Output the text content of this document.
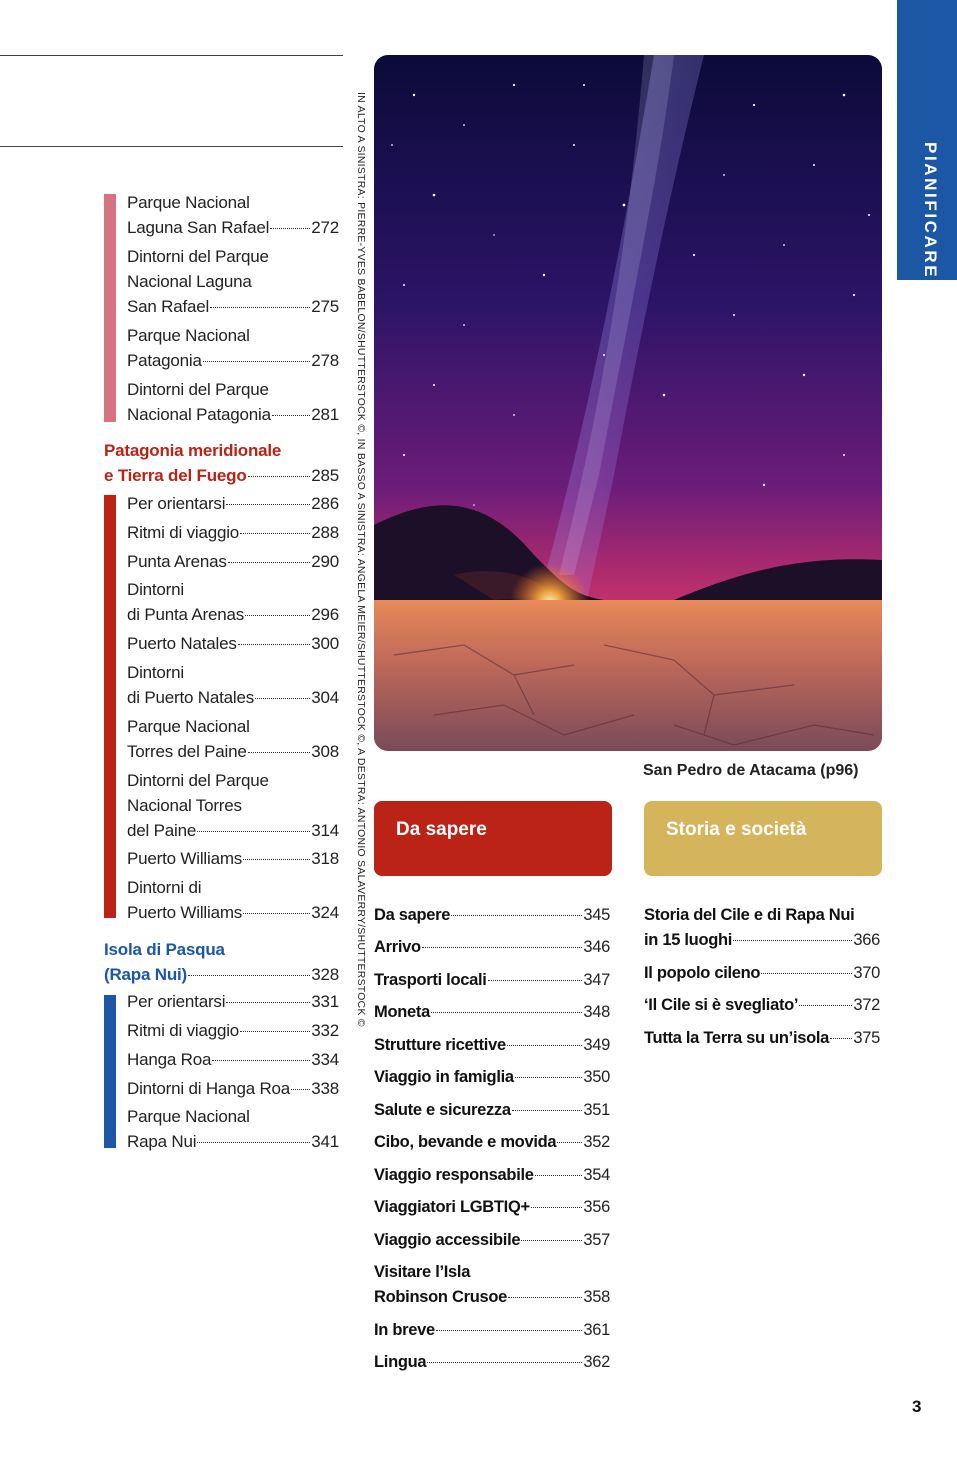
Parque Nacional
Laguna San Rafael 272
Dintorni del Parque
Nacional Laguna
San Rafael	275
Parque Nacional
Patagonia	278
Dintorni del Parque
Nacional Patagonia 281
Patagonia meridionale
e Tierra del Fuego	285
Per orientarsi	286
Ritmi di viaggio	288
Punta Arenas	290
Dintorni
di Punta Arenas	296
Puerto Natales	300
Dintorni
di Puerto Natales	304
Parque Nacional
Torres del Paine	308
Dintorni del Parque
Nacional Torres
del Paine	314
Puerto Williams	318
Dintorni di
Puerto Williams	324
Isola di Pasqua
(Rapa Nui)	328
Per orientarsi	331
Ritmi di viaggio	332
Hanga Roa	334
Dintorni di Hanga Roa 338
Parque Nacional
Rapa Nui	341
IN ALTO A SINISTRA: PIERRE-YVES BABELON/SHUTTERSTOCK ©, IN BASSO A SINISTRA: ANGELA MEIER/SHUTTERSTOCK ©, A DESTRA: ANTONIO SALAVERRY/SHUTTERSTOCK ©	San Pedro de Atacama (p96)
Da sapere	Storia e società
Da sapere	345
Arrivo	346
Trasporti locali	347
Moneta	348
Strutture ricettive	349
Viaggio in famiglia	350
Salute e sicurezza	351
Cibo, bevande e movida 352
Viaggio responsabile	354
Viaggiatori LGBTIQ+	356
Viaggio accessibile	357
Visitare l’Isla
Robinson Crusoe	358
In breve	361
Lingua	362
Storia del Cile e di Rapa Nui
in 15 luoghi	366
Il popolo cileno	370
‘Il Cile si è svegliato’	372
Tutta la Terra su un’isola 375
PIANIFICARE
3
